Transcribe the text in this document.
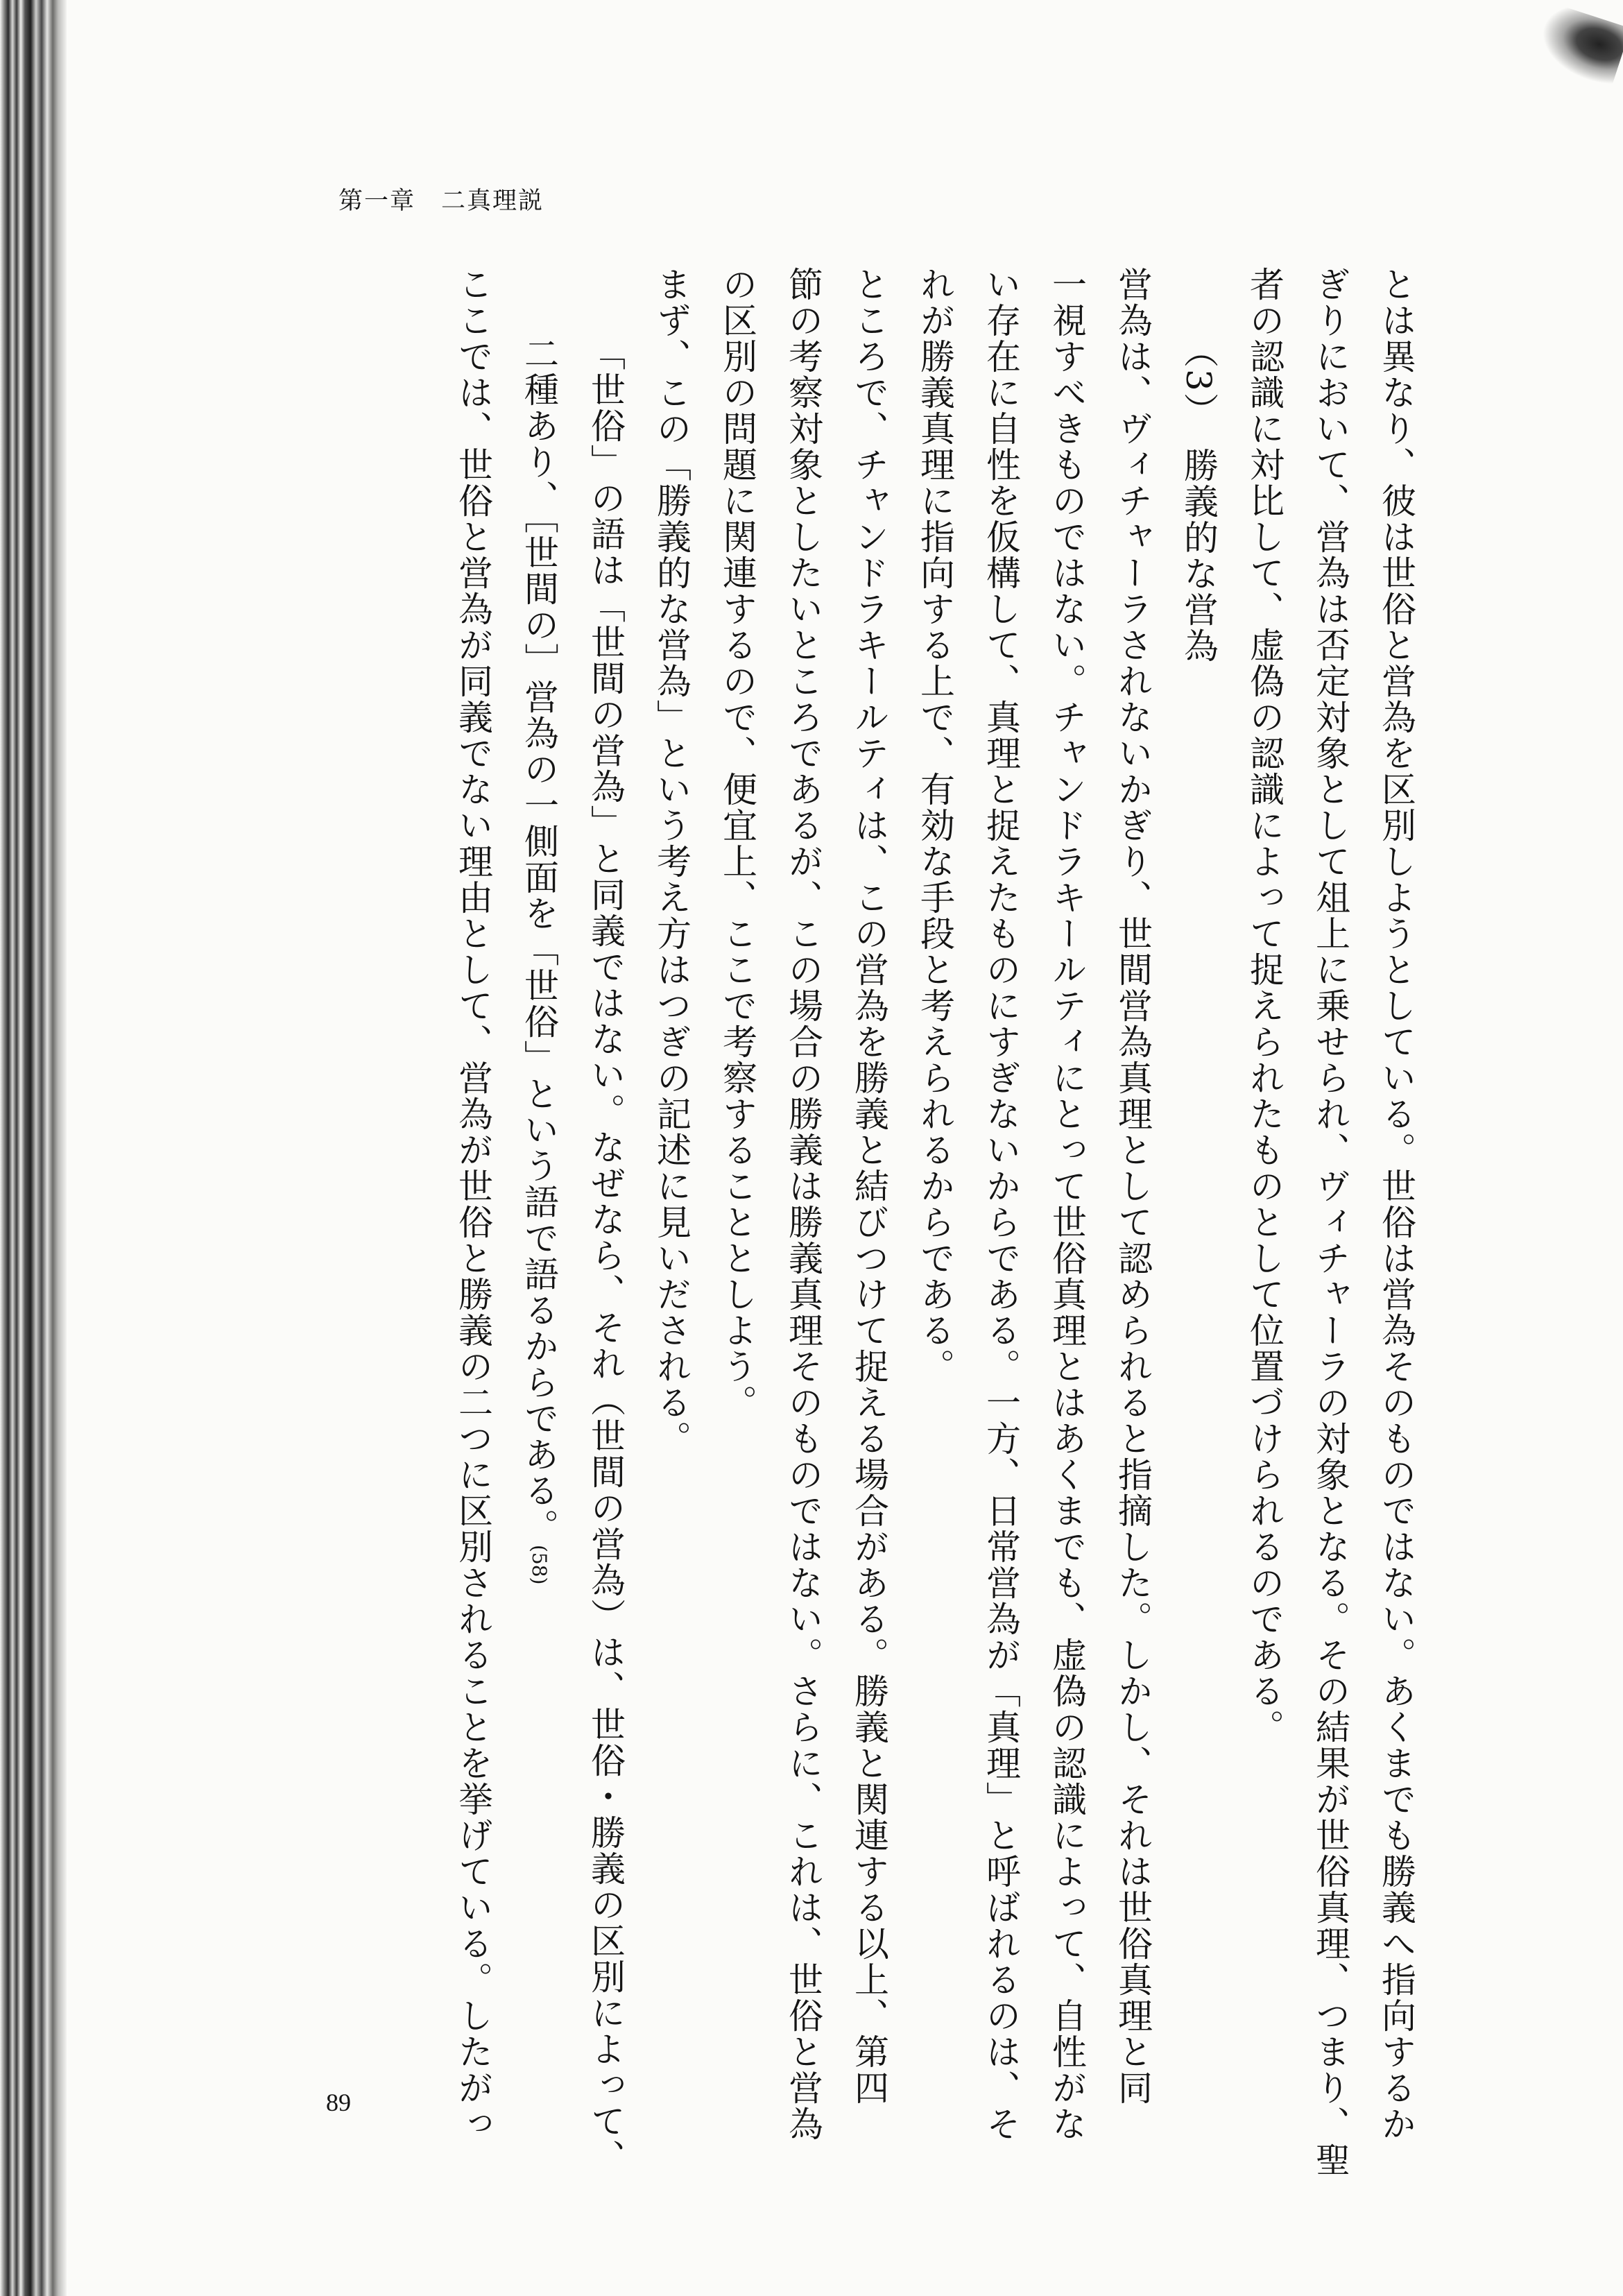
第一章　二真理説
とは異なり、彼は世俗と営為を区別しようとしている。世俗は営為そのものではない。あくまでも勝義へ指向するか
ぎりにおいて、営為は否定対象として俎上に乗せられ、ヴィチャーラの対象となる。その結果が世俗真理、つまり、聖
者の認識に対比して、虚偽の認識によって捉えられたものとして位置づけられるのである。
（3）　勝義的な営為
営為は、ヴィチャーラされないかぎり、世間営為真理として認められると指摘した。しかし、それは世俗真理と同
一視すべきものではない。チャンドラキールティにとって世俗真理とはあくまでも、虚偽の認識によって、自性がな
い存在に自性を仮構して、真理と捉えたものにすぎないからである。一方、日常営為が「真理」と呼ばれるのは、そ
れが勝義真理に指向する上で、有効な手段と考えられるからである。
ところで、チャンドラキールティは、この営為を勝義と結びつけて捉える場合がある。勝義と関連する以上、第四
節の考察対象としたいところであるが、この場合の勝義は勝義真理そのものではない。さらに、これは、世俗と営為
の区別の問題に関連するので、便宜上、ここで考察することとしよう。
まず、この「勝義的な営為」という考え方はつぎの記述に見いだされる。
「世俗」の語は「世間の営為」と同義ではない。なぜなら、それ（世間の営為）は、世俗・勝義の区別によって、
二種あり、［世間の］営為の一側面を「世俗」という語で語るからである。(58)
ここでは、世俗と営為が同義でない理由として、営為が世俗と勝義の二つに区別されることを挙げている。したがっ
89
